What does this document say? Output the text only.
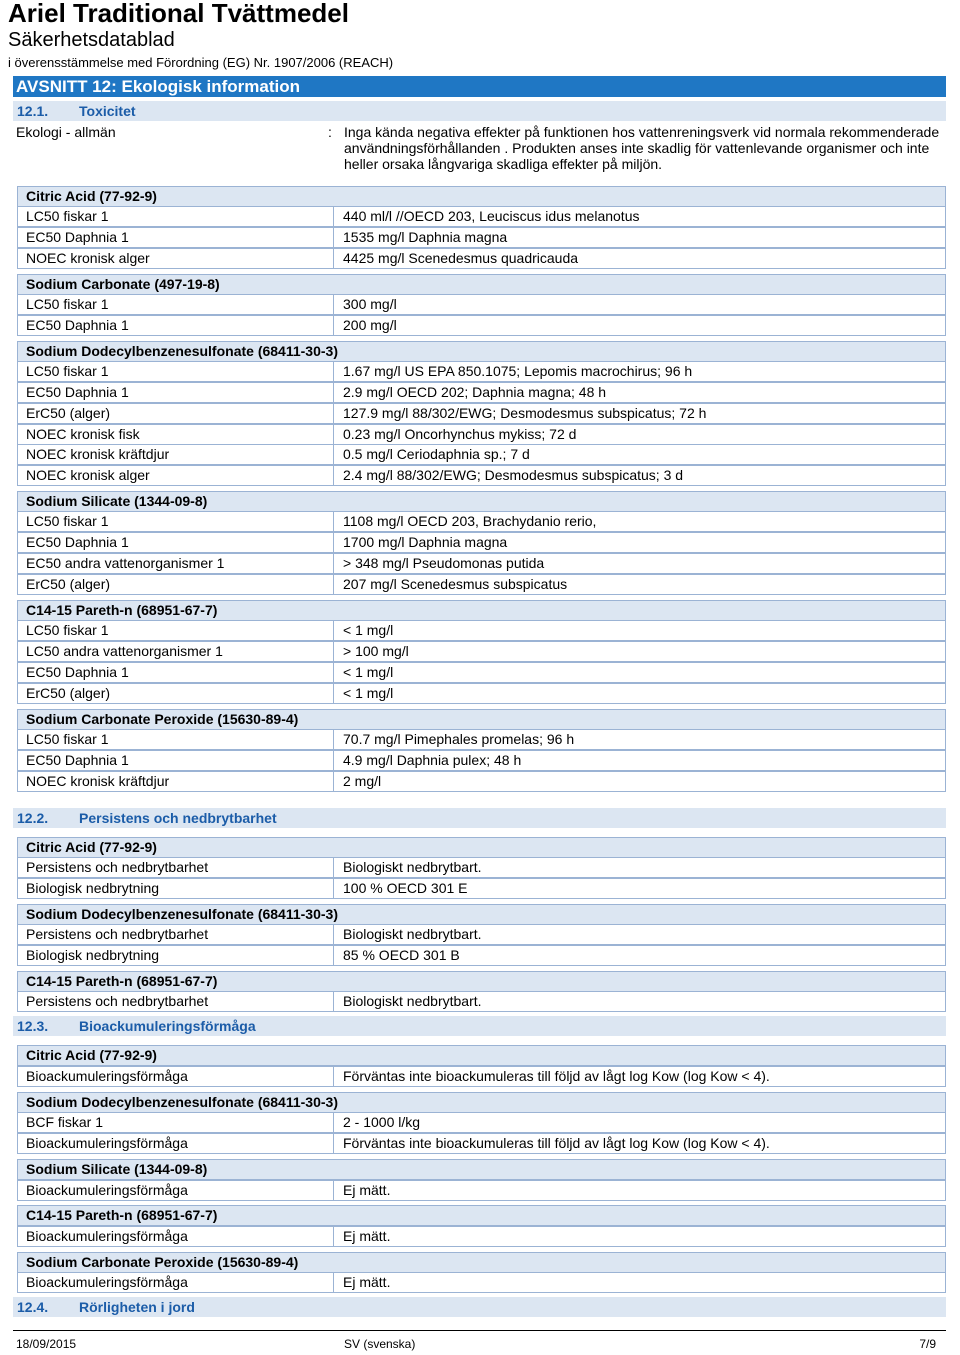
Ariel Traditional Tvättmedel
Säkerhetsdatablad
i överensstämmelse med Förordning (EG) Nr. 1907/2006 (REACH)
AVSNITT 12: Ekologisk information
12.1. Toxicitet
Ekologi - allmän	: Inga kända negativa effekter på funktionen hos vattenreningsverk vid normala rekommenderade användningsförhållanden . Produkten anses inte skadlig för vattenlevande organismer och inte heller orsaka långvariga skadliga effekter på miljön.
12.2. Persistens och nedbrytbarhet
12.3. Bioackumuleringsförmåga
12.4. Rörligheten i jord
Citric Acid (77-92-9)
LC50 fiskar 1	440 ml/l //OECD 203, Leuciscus idus melanotus
EC50 Daphnia 1	1535 mg/l Daphnia magna
NOEC kronisk alger	4425 mg/l Scenedesmus quadricauda
Sodium Carbonate (497-19-8)
LC50 fiskar 1	300 mg/l
EC50 Daphnia 1	200 mg/l
Sodium Dodecylbenzenesulfonate (68411-30-3)
LC50 fiskar 1	1.67 mg/l US EPA 850.1075; Lepomis macrochirus; 96 h
EC50 Daphnia 1	2.9 mg/l OECD 202; Daphnia magna; 48 h
ErC50 (alger)	127.9 mg/l 88/302/EWG; Desmodesmus subspicatus; 72 h
NOEC kronisk fisk	0.23 mg/l Oncorhynchus mykiss; 72 d
NOEC kronisk kräftdjur	0.5 mg/l Ceriodaphnia sp.; 7 d
NOEC kronisk alger	2.4 mg/l 88/302/EWG; Desmodesmus subspicatus; 3 d
Sodium Silicate (1344-09-8)
LC50 fiskar 1	1108 mg/l OECD 203, Brachydanio rerio,
EC50 Daphnia 1	1700 mg/l Daphnia magna
EC50 andra vattenorganismer 1	> 348 mg/l Pseudomonas putida
ErC50 (alger)	207 mg/l Scenedesmus subspicatus
C14-15 Pareth-n (68951-67-7)
LC50 fiskar 1	< 1 mg/l
LC50 andra vattenorganismer 1	> 100 mg/l
EC50 Daphnia 1	< 1 mg/l
ErC50 (alger)	< 1 mg/l
Sodium Carbonate Peroxide (15630-89-4)
LC50 fiskar 1	70.7 mg/l Pimephales promelas; 96 h
EC50 Daphnia 1	4.9 mg/l Daphnia pulex; 48 h
NOEC kronisk kräftdjur	2 mg/l
Citric Acid (77-92-9)
Persistens och nedbrytbarhet	Biologiskt nedbrytbart.
Biologisk nedbrytning	100 % OECD 301 E
Sodium Dodecylbenzenesulfonate (68411-30-3)
Persistens och nedbrytbarhet	Biologiskt nedbrytbart.
Biologisk nedbrytning	85 % OECD 301 B
C14-15 Pareth-n (68951-67-7)
Persistens och nedbrytbarhet	Biologiskt nedbrytbart.
Citric Acid (77-92-9)
Bioackumuleringsförmåga	Förväntas inte bioackumuleras till följd av lågt log Kow (log Kow < 4).
Sodium Dodecylbenzenesulfonate (68411-30-3)
BCF fiskar 1	2 - 1000 l/kg
Bioackumuleringsförmåga	Förväntas inte bioackumuleras till följd av lågt log Kow (log Kow < 4).
Sodium Silicate (1344-09-8)
Bioackumuleringsförmåga	Ej mätt.
C14-15 Pareth-n (68951-67-7)
Bioackumuleringsförmåga	Ej mätt.
Sodium Carbonate Peroxide (15630-89-4)
Bioackumuleringsförmåga	Ej mätt.
18/09/2015	SV (svenska)	7/9
